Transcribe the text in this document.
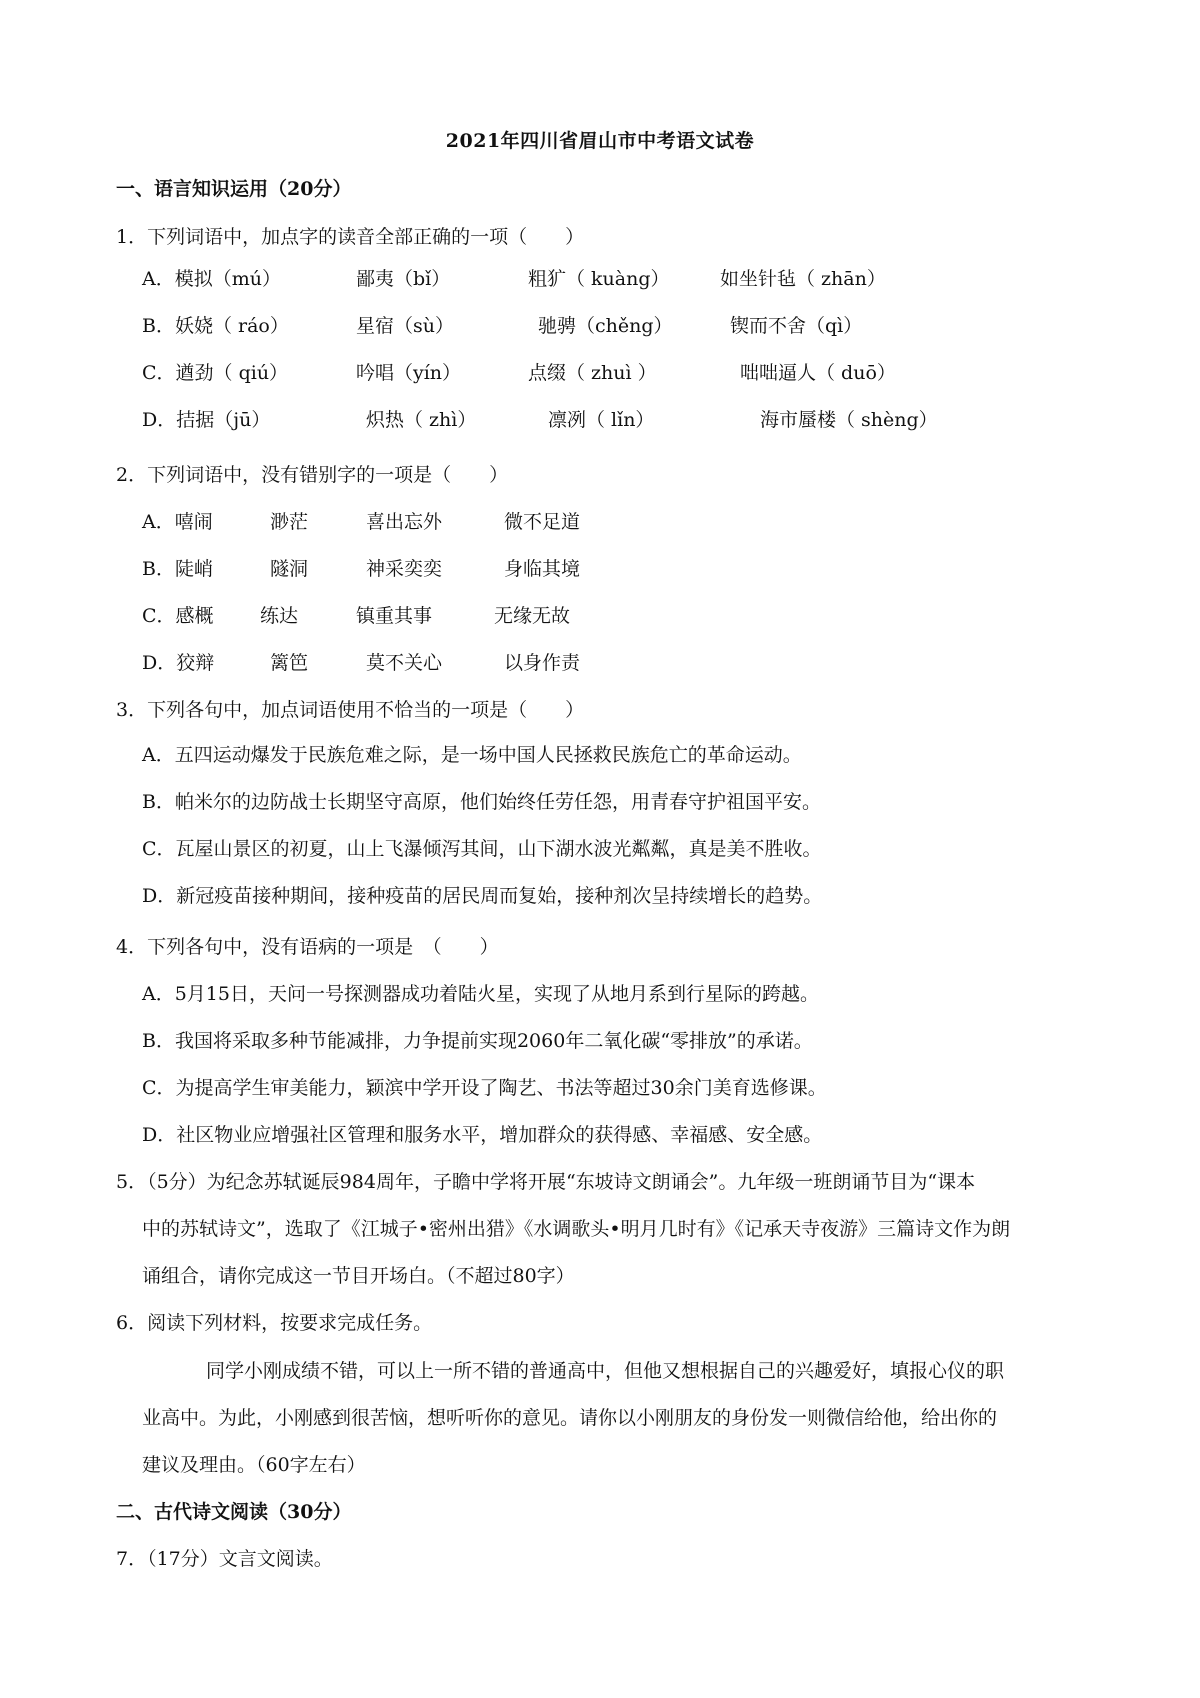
2021年四川省眉山市中考语文试卷
一、语言知识运用（20分）
1．下列词语中，加点字的读音全部正确的一项（　　）
A．模拟（mú）	鄙夷（bǐ）	粗犷（ kuàng）	如坐针毡（ zhān）
B．妖娆（ ráo）	星宿（sù）	驰骋（chěng）	锲而不舍（qì）
C．遒劲（ qiú）	吟唱（yín）	点缀（ zhuì ）	咄咄逼人（ duō）
D．拮据（jū）	炽热（ zhì）	凛冽（ lǐn）	海市蜃楼（ shèng）
2．下列词语中，没有错别字的一项是（　　）
A．嘻闹	渺茫	喜出忘外	微不足道
B．陡峭	隧洞	神采奕奕	身临其境
C．感概 练达	镇重其事	无缘无故
D．狡辩	篱笆	莫不关心	以身作责
3．下列各句中，加点词语使用不恰当的一项是（　　）
A．五四运动爆发于民族危难之际，是一场中国人民拯救民族危亡的革命运动。
B．帕米尔的边防战士长期坚守高原，他们始终任劳任怨，用青春守护祖国平安。
C．瓦屋山景区的初夏，山上飞瀑倾泻其间，山下湖水波光粼粼，真是美不胜收。
D．新冠疫苗接种期间，接种疫苗的居民周而复始，接种剂次呈持续增长的趋势。
4．下列各句中，没有语病的一项是　（　　）
A．5月15日，天问一号探测器成功着陆火星，实现了从地月系到行星际的跨越。
B．我国将采取多种节能减排，力争提前实现2060年二氧化碳“零排放”的承诺。
C．为提高学生审美能力，颖滨中学开设了陶艺、书法等超过30余门美育选修课。
D．社区物业应增强社区管理和服务水平，增加群众的获得感、幸福感、安全感。
5．（5分）为纪念苏轼诞辰984周年，子瞻中学将开展“东坡诗文朗诵会”。九年级一班朗诵节目为“课本
中的苏轼诗文”，选取了《江城子•密州出猎》《水调歌头•明月几时有》《记承天寺夜游》三篇诗文作为朗
诵组合，请你完成这一节目开场白。（不超过80字）
6．阅读下列材料，按要求完成任务。
同学小刚成绩不错，可以上一所不错的普通高中，但他又想根据自己的兴趣爱好，填报心仪的职
业高中。为此，小刚感到很苦恼，想听听你的意见。请你以小刚朋友的身份发一则微信给他，给出你的
建议及理由。（60字左右）
二、古代诗文阅读（30分）
7．（17分）文言文阅读。
